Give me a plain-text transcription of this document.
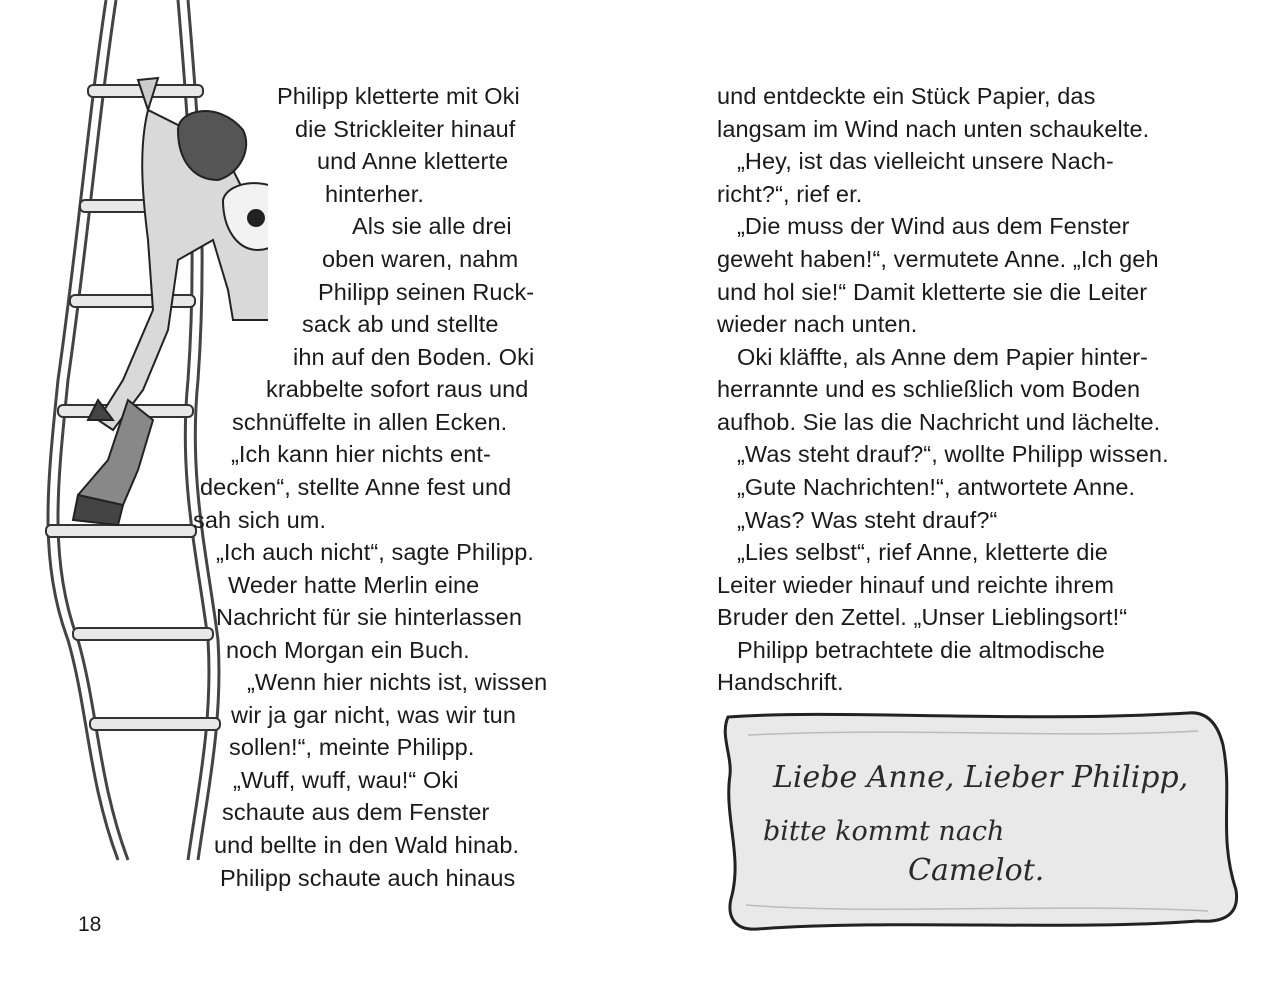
Philipp kletterte mit Oki
die Strickleiter hinauf
und Anne kletterte
hinterher.
Als sie alle drei
oben waren, nahm
Philipp seinen Ruck-
sack ab und stellte
ihn auf den Boden. Oki
krabbelte sofort raus und
schnüffelte in allen Ecken.
„Ich kann hier nichts ent-
decken“, stellte Anne fest und
sah sich um.
„Ich auch nicht“, sagte Philipp.
Weder hatte Merlin eine
Nachricht für sie hinterlassen
noch Morgan ein Buch.
„Wenn hier nichts ist, wissen
wir ja gar nicht, was wir tun
sollen!“, meinte Philipp.
„Wuff, wuff, wau!“ Oki
schaute aus dem Fenster
und bellte in den Wald hinab.
Philipp schaute auch hinaus
18
und entdeckte ein Stück Papier, das
langsam im Wind nach unten schaukelte.
„Hey, ist das vielleicht unsere Nach-
richt?“, rief er.
„Die muss der Wind aus dem Fenster
geweht haben!“, vermutete Anne. „Ich geh
und hol sie!“ Damit kletterte sie die Leiter
wieder nach unten.
Oki kläffte, als Anne dem Papier hinter-
herrannte und es schließlich vom Boden
aufhob. Sie las die Nachricht und lächelte.
„Was steht drauf?“, wollte Philipp wissen.
„Gute Nachrichten!“, antwortete Anne.
„Was? Was steht drauf?“
„Lies selbst“, rief Anne, kletterte die
Leiter wieder hinauf und reichte ihrem
Bruder den Zettel. „Unser Lieblingsort!“
Philipp betrachtete die altmodische
Handschrift.
Liebe Anne, Lieber Philipp,
bitte kommt nach
Camelot.
